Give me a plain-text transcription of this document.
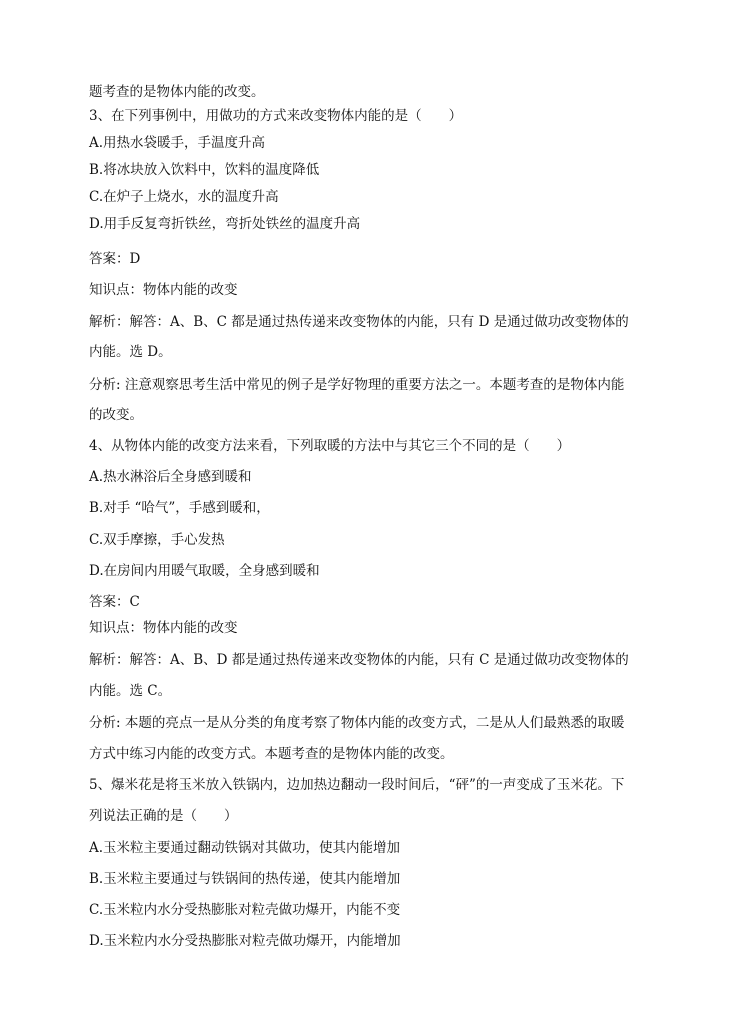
题考查的是物体内能的改变。
3、在下列事例中，用做功的方式来改变物体内能的是（　　）
A.用热水袋暖手，手温度升高
B.将冰块放入饮料中，饮料的温度降低
C.在炉子上烧水，水的温度升高
D.用手反复弯折铁丝，弯折处铁丝的温度升高
答案：D
知识点：物体内能的改变
解析：解答：A、B、C 都是通过热传递来改变物体的内能，只有 D 是通过做功改变物体的
内能。选 D。
分析: 注意观察思考生活中常见的例子是学好物理的重要方法之一。本题考查的是物体内能
的改变。
4、从物体内能的改变方法来看，下列取暖的方法中与其它三个不同的是（　　）
A.热水淋浴后全身感到暖和
B.对手 “哈气”，手感到暖和，
C.双手摩擦，手心发热
D.在房间内用暖气取暖，全身感到暖和
答案：C
知识点：物体内能的改变
解析：解答：A、B、D 都是通过热传递来改变物体的内能，只有 C 是通过做功改变物体的
内能。选 C。
分析: 本题的亮点一是从分类的角度考察了物体内能的改变方式，二是从人们最熟悉的取暖
方式中练习内能的改变方式。本题考查的是物体内能的改变。
5、爆米花是将玉米放入铁锅内，边加热边翻动一段时间后，“砰”的一声变成了玉米花。下
列说法正确的是（　　）
A.玉米粒主要通过翻动铁锅对其做功，使其内能增加
B.玉米粒主要通过与铁锅间的热传递，使其内能增加
C.玉米粒内水分受热膨胀对粒壳做功爆开，内能不变
D.玉米粒内水分受热膨胀对粒壳做功爆开，内能增加
